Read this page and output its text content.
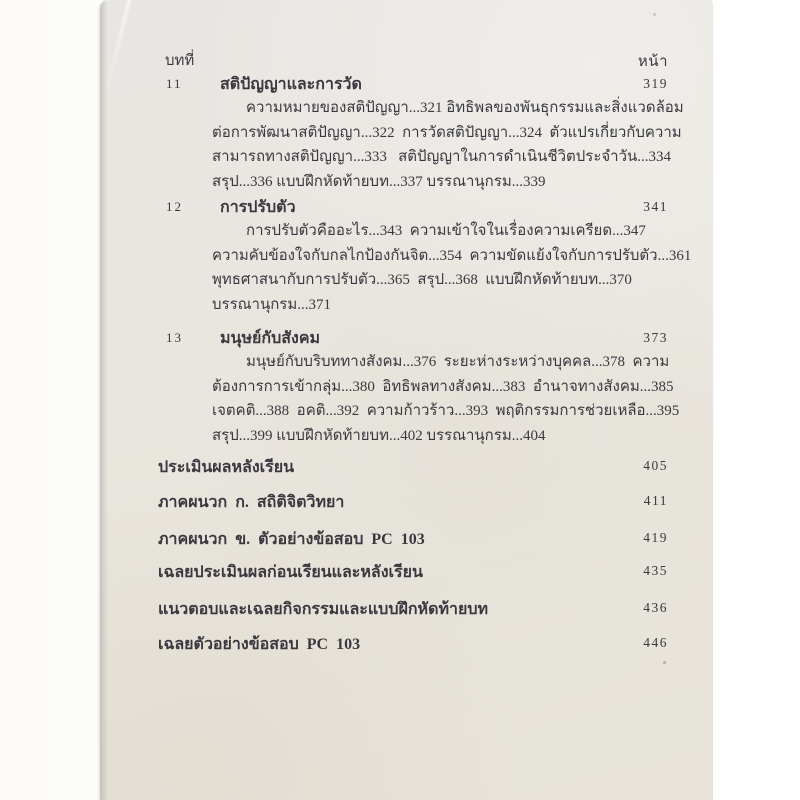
บทที่	หน้า
11 สติปัญญาและการวัด	319
ความหมายของสติปัญญา...321 อิทธิพลของพันธุกรรมและสิ่งแวดล้อม
ต่อการพัฒนาสติปัญญา...322  การวัดสติปัญญา...324  ตัวแปรเกี่ยวกับความ
สามารถทางสติปัญญา...333   สติปัญญาในการดำเนินชีวิตประจำวัน...334
สรุป...336 แบบฝึกหัดท้ายบท...337 บรรณานุกรม...339
12 การปรับตัว	341
การปรับตัวคืออะไร...343  ความเข้าใจในเรื่องความเครียด...347
ความคับข้องใจกับกลไกป้องกันจิต...354  ความขัดแย้งใจกับการปรับตัว...361
พุทธศาสนากับการปรับตัว...365  สรุป...368  แบบฝึกหัดท้ายบท...370
บรรณานุกรม...371
13 มนุษย์กับสังคม	373
มนุษย์กับบริบททางสังคม...376  ระยะห่างระหว่างบุคคล...378  ความ
ต้องการการเข้ากลุ่ม...380  อิทธิพลทางสังคม...383  อำนาจทางสังคม...385
เจตคติ...388  อคติ...392  ความก้าวร้าว...393  พฤติกรรมการช่วยเหลือ...395
สรุป...399 แบบฝึกหัดท้ายบท...402 บรรณานุกรม...404
ประเมินผลหลังเรียน	405
ภาคผนวก  ก.  สถิติจิตวิทยา	411
ภาคผนวก  ข.  ตัวอย่างข้อสอบ  PC  103	419
เฉลยประเมินผลก่อนเรียนและหลังเรียน	435
แนวตอบและเฉลยกิจกรรมและแบบฝึกหัดท้ายบท	436
เฉลยตัวอย่างข้อสอบ  PC  103	446
